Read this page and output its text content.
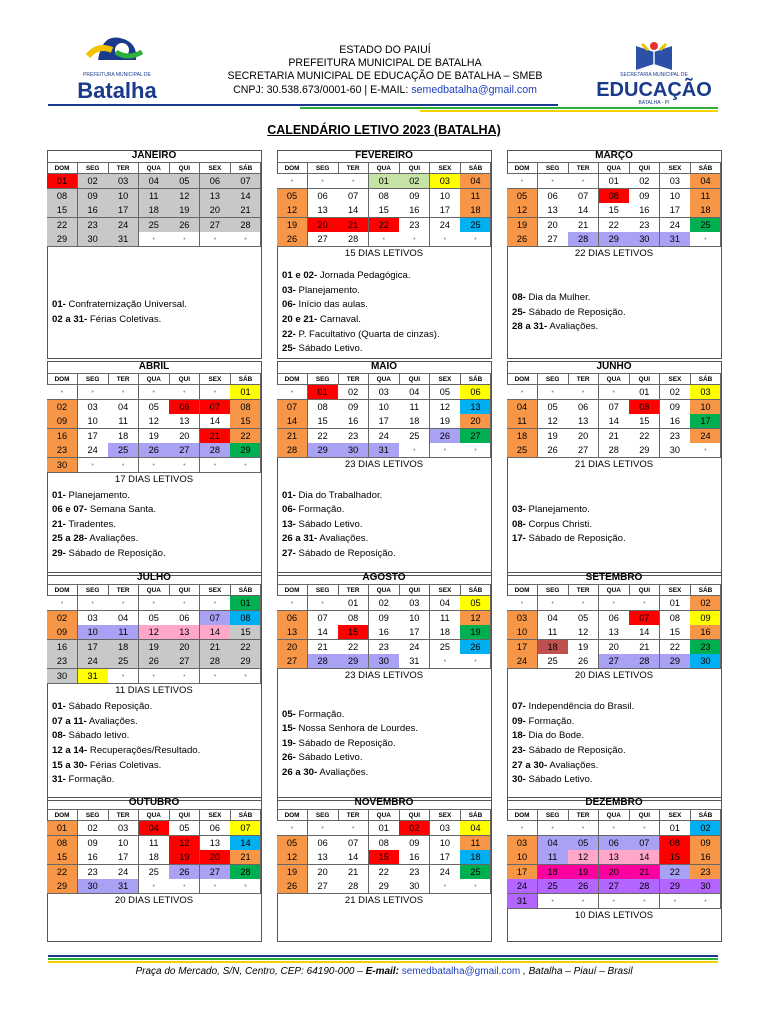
PREFEITURA MUNICIPAL DE
Batalha
ESTADO DO PAIUÍ
PREFEITURA MUNICIPAL DE BATALHA
SECRETARIA MUNICIPAL DE EDUCAÇÃO DE BATALHA – SMEB
CNPJ: 30.538.673/0001-60 | E-MAIL: semedbatalha@gmail.com
SECRETARIA MUNICIPAL DE
EDUCAÇÃO
BATALHA - PI
CALENDÁRIO LETIVO 2023 (BATALHA)
JANEIRO
DOM	SEG	TER	QUA	QUI	SEX	SÁB
01	02	03	04	05	06	07
08	09	10	11	12	13	14
15	16	17	18	19	20	21
22	23	24	25	26	27	28
29	30	31	•	•	•	•
01- Confraternização Universal.
02 a 31- Férias Coletivas.
FEVEREIRO
DOM	SEG	TER	QUA	QUI	SEX	SÁB
•	•	•	01	02	03	04
05	06	07	08	09	10	11
12	13	14	15	16	17	18
19	20	21	22	23	24	25
26	27	28	•	•	•	•
15 DIAS LETIVOS
01 e 02- Jornada Pedagógica.
03- Planejamento.
06- Início das aulas.
20 e 21- Carnaval.
22- P. Facultativo (Quarta de cinzas).
25- Sábado Letivo.
MARÇO
DOM	SEG	TER	QUA	QUI	SEX	SÁB
•	•	•	01	02	03	04
05	06	07	08	09	10	11
12	13	14	15	16	17	18
19	20	21	22	23	24	25
26	27	28	29	30	31	•
22 DIAS LETIVOS
08- Dia da Mulher.
25- Sábado de Reposição.
28 a 31- Avaliações.
ABRIL
DOM	SEG	TER	QUA	QUI	SEX	SÁB
•	•	•	•	•	•	01
02	03	04	05	06	07	08
09	10	11	12	13	14	15
16	17	18	19	20	21	22
23	24	25	26	27	28	29
30	•	•	•	•	•	•
17 DIAS LETIVOS
01- Planejamento.
06 e 07- Semana Santa.
21- Tiradentes.
25 a 28- Avaliações.
29- Sábado de Reposição.
MAIO
DOM	SEG	TER	QUA	QUI	SEX	SÁB
•	01	02	03	04	05	06
07	08	09	10	11	12	13
14	15	16	17	18	19	20
21	22	23	24	25	26	27
28	29	30	31	•	•	•
23 DIAS LETIVOS
01- Dia do Trabalhador.
06- Formação.
13- Sábado Letivo.
26 a 31- Avaliações.
27- Sábado de Reposição.
JUNHO
DOM	SEG	TER	QUA	QUI	SEX	SÁB
•	•	•	•	01	02	03
04	05	06	07	08	09	10
11	12	13	14	15	16	17
18	19	20	21	22	23	24
25	26	27	28	29	30	•
21 DIAS LETIVOS
03- Planejamento.
08- Corpus Christi.
17- Sábado de Reposição.
JULHO
DOM	SEG	TER	QUA	QUI	SEX	SÁB
•	•	•	•	•	•	01
02	03	04	05	06	07	08
09	10	11	12	13	14	15
16	17	18	19	20	21	22
23	24	25	26	27	28	29
30	31	•	•	•	•	•
11 DIAS LETIVOS
01- Sábado Reposição.
07 a 11- Avaliações.
08- Sábado letivo.
12 a 14- Recuperações/Resultado.
15 a 30- Férias Coletivas.
31- Formação.
AGOSTO
DOM	SEG	TER	QUA	QUI	SEX	SÁB
•	•	01	02	03	04	05
06	07	08	09	10	11	12
13	14	15	16	17	18	19
20	21	22	23	24	25	26
27	28	29	30	31	•	•
23 DIAS LETIVOS
05- Formação.
15- Nossa Senhora de Lourdes.
19- Sábado de Reposição.
26- Sábado Letivo.
26 a 30- Avaliações.
SETEMBRO
DOM	SEG	TER	QUA	QUI	SEX	SÁB
•	•	•	•	•	01	02
03	04	05	06	07	08	09
10	11	12	13	14	15	16
17	18	19	20	21	22	23
24	25	26	27	28	29	30
20 DIAS LETIVOS
07- Independência do Brasil.
09- Formação.
18- Dia do Bode.
23- Sábado de Reposição.
27 a 30- Avaliações.
30- Sábado Letivo.
OUTUBRO
DOM	SEG	TER	QUA	QUI	SEX	SÁB
01	02	03	04	05	06	07
08	09	10	11	12	13	14
15	16	17	18	19	20	21
22	23	24	25	26	27	28
29	30	31	•	•	•	•
20 DIAS LETIVOS
NOVEMBRO
DOM	SEG	TER	QUA	QUI	SEX	SÁB
•	•	•	01	02	03	04
05	06	07	08	09	10	11
12	13	14	15	16	17	18
19	20	21	22	23	24	25
26	27	28	29	30	•	•
21 DIAS LETIVOS
DEZEMBRO
DOM	SEG	TER	QUA	QUI	SEX	SÁB
•	•	•	•	•	01	02
03	04	05	06	07	08	09
10	11	12	13	14	15	16
17	18	19	20	21	22	23
24	25	26	27	28	29	30
31	•	•	•	•	•	•
10 DIAS LETIVOS
Praça do Mercado, S/N, Centro, CEP: 64190-000 – E-mail: semedbatalha@gmail.com , Batalha – Piauí – Brasil
